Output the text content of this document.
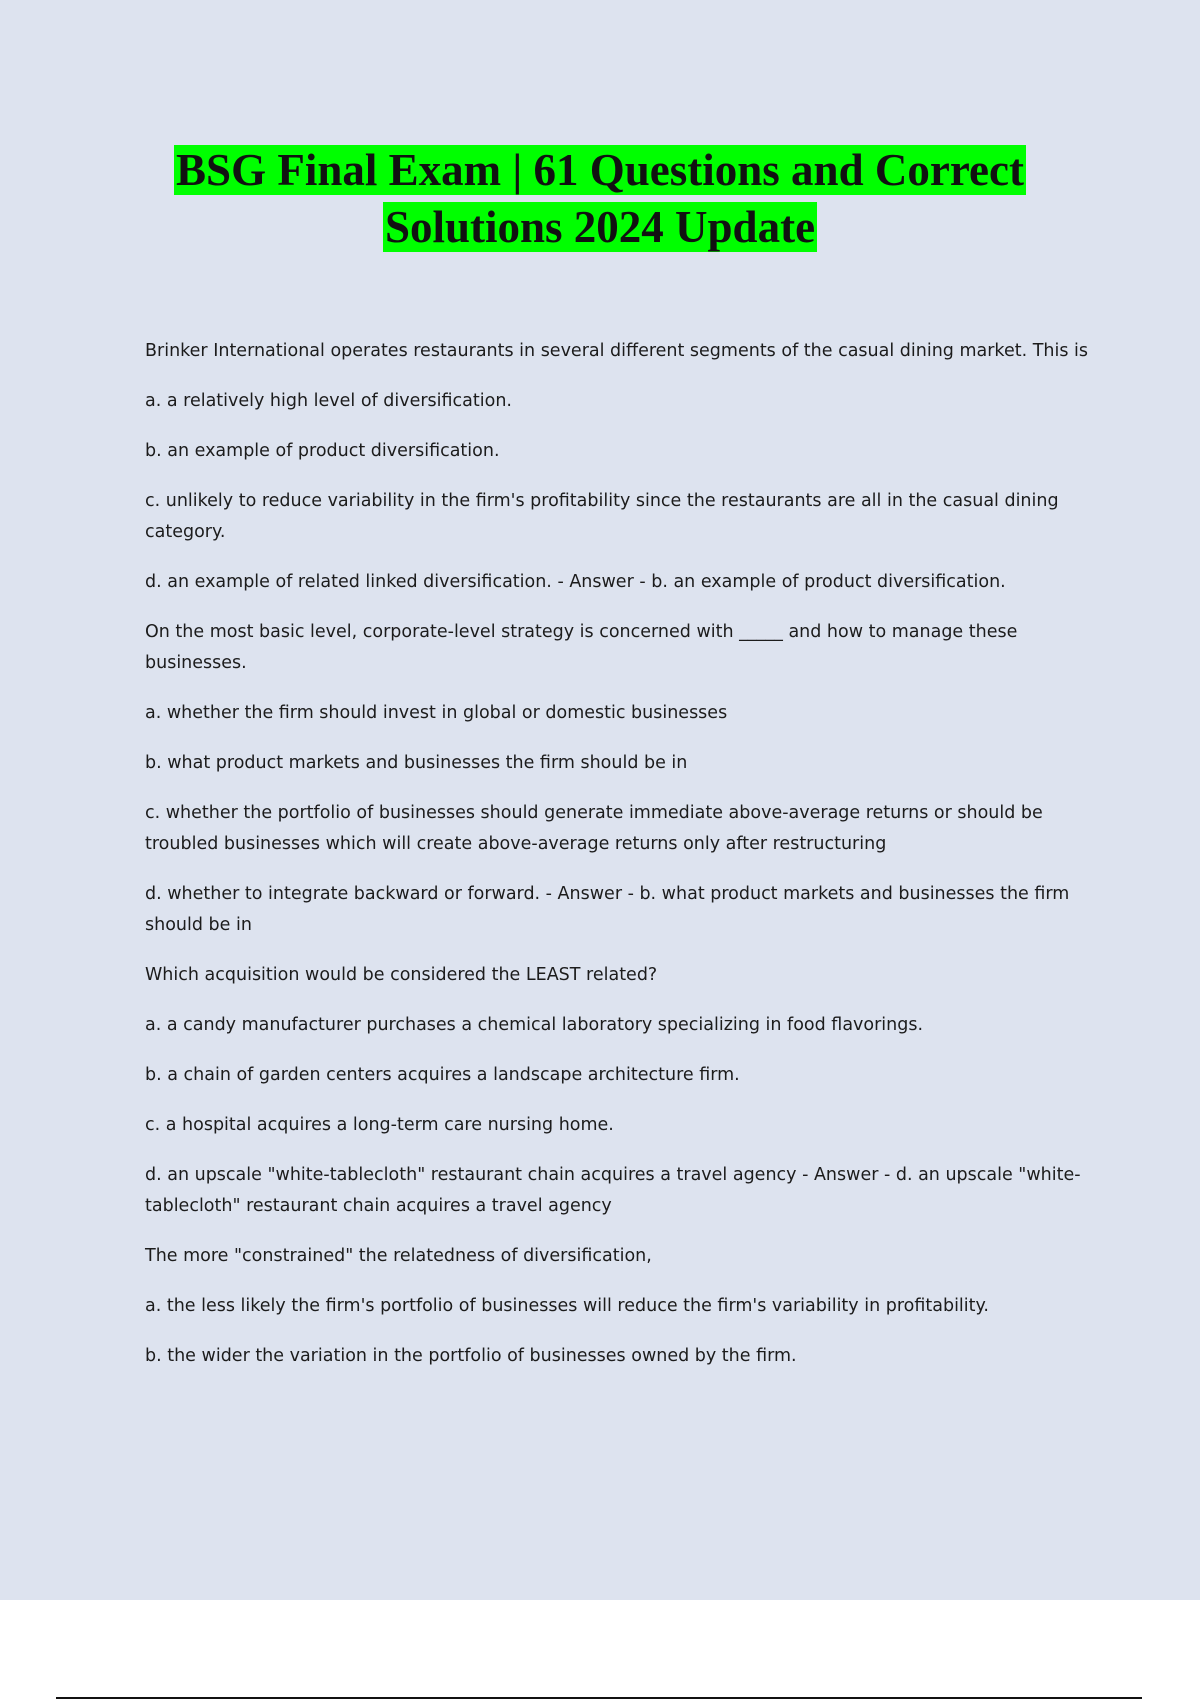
BSG Final Exam | 61 Questions and Correct
Solutions 2024 Update

Brinker International operates restaurants in several different segments of the casual dining market. This is

a. a relatively high level of diversification.

b. an example of product diversification.

c. unlikely to reduce variability in the firm's profitability since the restaurants are all in the casual dining category.

d. an example of related linked diversification. - Answer - b. an example of product diversification.

On the most basic level, corporate-level strategy is concerned with _____ and how to manage these businesses.

a. whether the firm should invest in global or domestic businesses

b. what product markets and businesses the firm should be in

c. whether the portfolio of businesses should generate immediate above-average returns or should be troubled businesses which will create above-average returns only after restructuring

d. whether to integrate backward or forward. - Answer - b. what product markets and businesses the firm should be in

Which acquisition would be considered the LEAST related?

a. a candy manufacturer purchases a chemical laboratory specializing in food flavorings.

b. a chain of garden centers acquires a landscape architecture firm.

c. a hospital acquires a long-term care nursing home.

d. an upscale "white-tablecloth" restaurant chain acquires a travel agency - Answer - d. an upscale "white-tablecloth" restaurant chain acquires a travel agency

The more "constrained" the relatedness of diversification,

a. the less likely the firm's portfolio of businesses will reduce the firm's variability in profitability.

b. the wider the variation in the portfolio of businesses owned by the firm.
